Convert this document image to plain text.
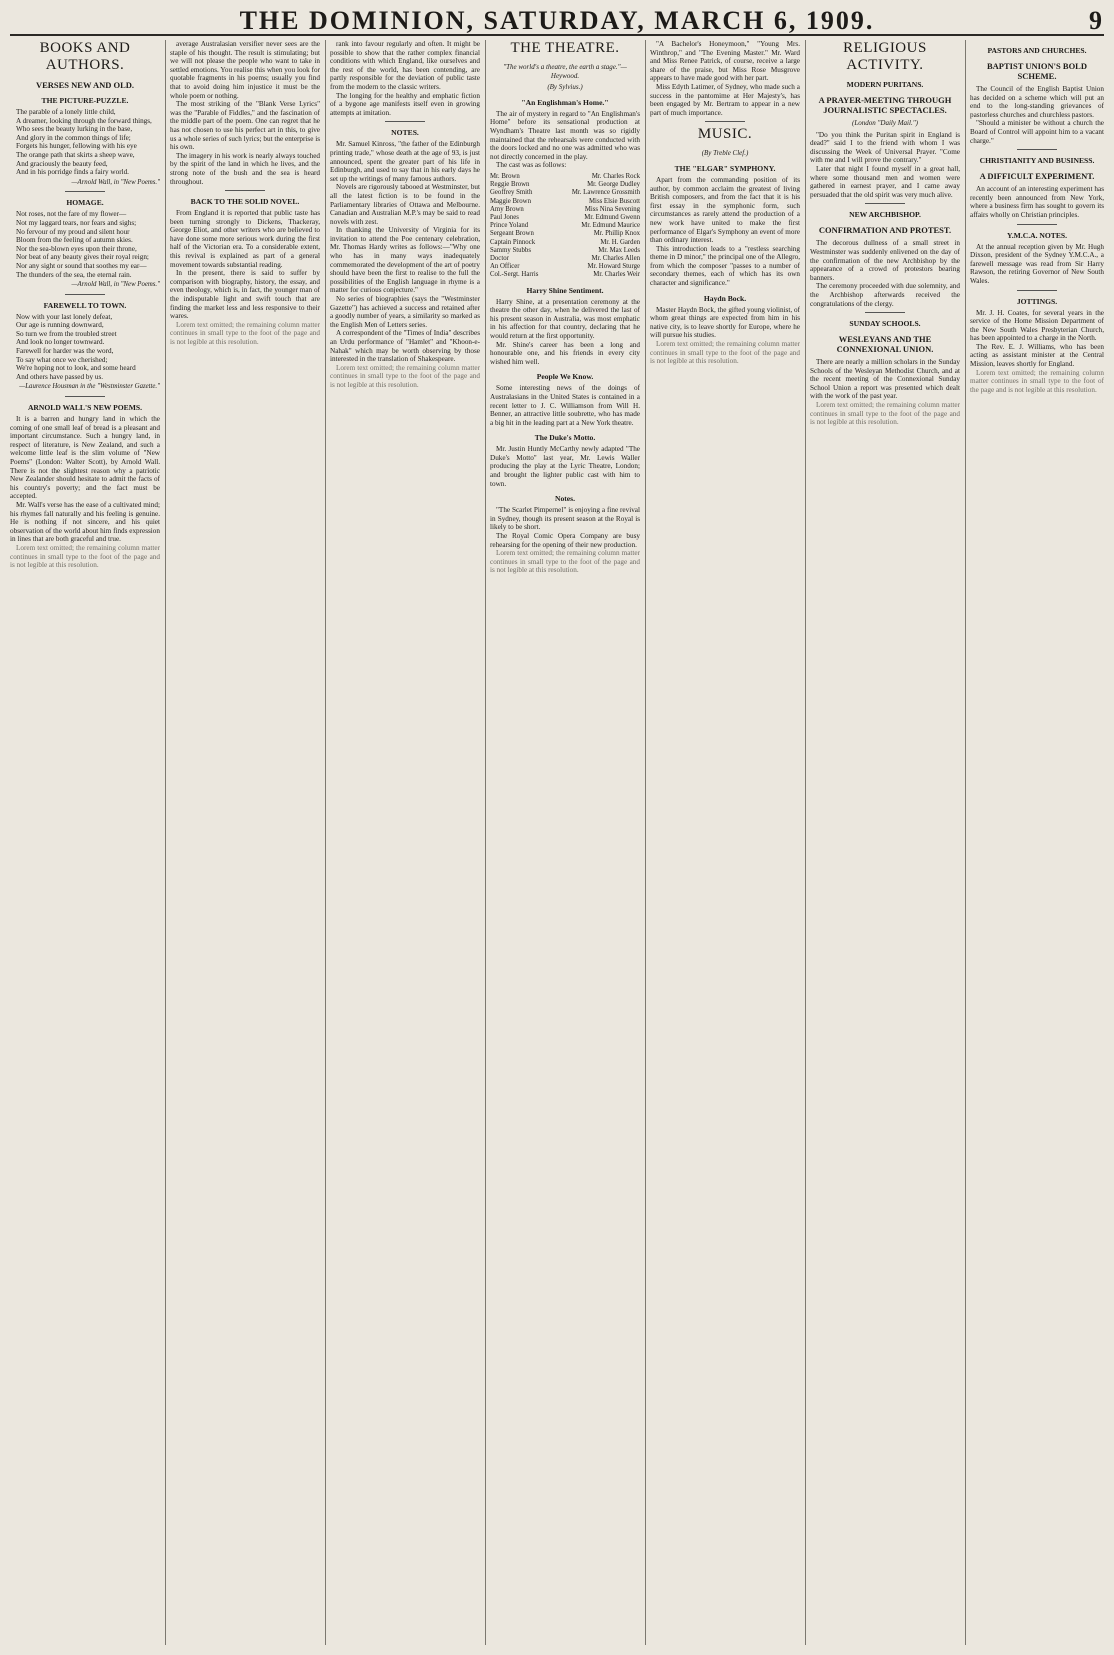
THE DOMINION, SATURDAY, MARCH 6, 1909.	9
BOOKS AND AUTHORS.
VERSES NEW AND OLD.
THE PICTURE-PUZZLE.
The parable of a lonely little child,
A dreamer, looking through the forward things,
Who sees the beauty lurking in the base,
And glory in the common things of life;
Forgets his hunger, fellowing with his eye
The orange path that skirts a sheep wave,
And graciously the beauty feed,
And in his porridge finds a fairy world.
—Arnold Wall, in "New Poems."
HOMAGE.
Not roses, not the fare of my flower—
Not my laggard tears, nor fears and sighs;
No fervour of my proud and silent hour
Bloom from the feeling of autumn skies.
Nor the sea-blown eyes upon their throne,
Nor beat of any beauty gives their royal reign;
Nor any sight or sound that soothes my ear—
The thunders of the sea, the eternal rain.
—Arnold Wall, in "New Poems."
FAREWELL TO TOWN.
Now with your last lonely defeat,
Our age is running downward,
So turn we from the troubled street
And look no longer townward.
Farewell for harder was the word,
To say what once we cherished;
We're hoping not to look, and some heard
And others have passed by us.
—Laurence Housman in the "Westminster Gazette."
ARNOLD WALL'S NEW POEMS.

It is a barren and hungry land in which the coming of one small leaf of bread is a pleasant and important circumstance. Such a hungry land, in respect of literature, is New Zealand, and such a welcome little leaf is the slim volume of "New Poems" (London: Walter Scott), by Arnold Wall. There is not the slightest reason why a patriotic New Zealander should hesitate to admit the facts of his country's poverty; and the fact must be accepted.

Mr. Wall's verse has the ease of a cultivated mind; his rhymes fall naturally and his feeling is genuine. He is nothing if not sincere, and his quiet observation of the world about him finds expression in lines that are both graceful and true.

Lorem text omitted; the remaining column matter continues in small type to the foot of the page and is not legible at this resolution.

average Australasian versifier never sees are the staple of his thought. The result is stimulating; but we will not please the people who want to take in settled emotions. You realise this when you look for quotable fragments in his poems; usually you find that to avoid doing him injustice it must be the whole poem or nothing.

The most striking of the "Blank Verse Lyrics" was the "Parable of Fiddles," and the fascination of the middle part of the poem. One can regret that he has not chosen to use his perfect art in this, to give us a whole series of such lyrics; but the enterprise is his own.

The imagery in his work is nearly always touched by the spirit of the land in which he lives, and the strong note of the bush and the sea is heard throughout.

BACK TO THE SOLID NOVEL.

From England it is reported that public taste has been turning strongly to Dickens, Thackeray, George Eliot, and other writers who are believed to have done some more serious work during the first half of the Victorian era. To a considerable extent, this revival is explained as part of a general movement towards substantial reading.

In the present, there is said to suffer by comparison with biography, history, the essay, and even theology, which is, in fact, the younger man of the indisputable light and swift touch that are finding the market less and less responsive to their wares.

Lorem text omitted; the remaining column matter continues in small type to the foot of the page and is not legible at this resolution.

rank into favour regularly and often. It might be possible to show that the rather complex financial conditions with which England, like ourselves and the rest of the world, has been contending, are partly responsible for the deviation of public taste from the modern to the classic writers.

The longing for the healthy and emphatic fiction of a bygone age manifests itself even in growing attempts at imitation.

NOTES.

Mr. Samuel Kinross, "the father of the Edinburgh printing trade," whose death at the age of 93, is just announced, spent the greater part of his life in Edinburgh, and used to say that in his early days he set up the writings of many famous authors.

Novels are rigorously tabooed at Westminster, but all the latest fiction is to be found in the Parliamentary libraries of Ottawa and Melbourne. Canadian and Australian M.P.'s may be said to read novels with zest.

In thanking the University of Virginia for its invitation to attend the Poe centenary celebration, Mr. Thomas Hardy writes as follows:—"Why one who has in many ways inadequately commemorated the development of the art of poetry should have been the first to realise to the full the possibilities of the English language in rhyme is a matter for curious conjecture."

No series of biographies (says the "Westminster Gazette") has achieved a success and retained after a goodly number of years, a similarity so marked as the English Men of Letters series.

A correspondent of the "Times of India" describes an Urdu performance of "Hamlet" and "Khoon-e-Nahak" which may be worth observing by those interested in the translation of Shakespeare.

Lorem text omitted; the remaining column matter continues in small type to the foot of the page and is not legible at this resolution.

THE THEATRE.
"The world's a theatre, the earth a stage."—Heywood.
(By Sylvius.)
"An Englishman's Home."

The air of mystery in regard to "An Englishman's Home" before its sensational production at Wyndham's Theatre last month was so rigidly maintained that the rehearsals were conducted with the doors locked and no one was admitted who was not directly concerned in the play.

The cast was as follows:

Mr. Brown	Mr. Charles Rock
Reggie Brown	Mr. George Dudley
Geoffrey Smith	Mr. Lawrence Grossmith
Maggie Brown	Miss Elsie Buscott
Amy Brown	Miss Nina Sevening
Paul Jones	Mr. Edmund Gwenn
Prince Yoland	Mr. Edmund Maurice
Sergeant Brown	Mr. Phillip Knox
Captain Pinnock	Mr. H. Garden
Sammy Stubbs	Mr. Max Leeds
Doctor	Mr. Charles Allen
An Officer	Mr. Howard Sturge
Col.-Sergt. Harris	Mr. Charles Weir
Harry Shine Sentiment.

Harry Shine, at a presentation ceremony at the theatre the other day, when he delivered the last of his present season in Australia, was most emphatic in his affection for that country, declaring that he would return at the first opportunity.

Mr. Shine's career has been a long and honourable one, and his friends in every city wished him well.

People We Know.

Some interesting news of the doings of Australasians in the United States is contained in a recent letter to J. C. Williamson from Will H. Benner, an attractive little soubrette, who has made a big hit in the leading part at a New York theatre.

The Duke's Motto.

Mr. Justin Huntly McCarthy newly adapted "The Duke's Motto" last year, Mr. Lewis Waller producing the play at the Lyric Theatre, London; and brought the lighter public cast with him to town.

Notes.

"The Scarlet Pimpernel" is enjoying a fine revival in Sydney, though its present season at the Royal is likely to be short.

The Royal Comic Opera Company are busy rehearsing for the opening of their new production.

Lorem text omitted; the remaining column matter continues in small type to the foot of the page and is not legible at this resolution.

"A Bachelor's Honeymoon," "Young Mrs. Winthrop," and "The Evening Master." Mr. Ward and Miss Renee Patrick, of course, receive a large share of the praise, but Miss Rose Musgrove appears to have made good with her part.

Miss Edyth Latimer, of Sydney, who made such a success in the pantomime at Her Majesty's, has been engaged by Mr. Bertram to appear in a new part of much importance.

MUSIC.
(By Treble Clef.)
THE "ELGAR" SYMPHONY.

Apart from the commanding position of its author, by common acclaim the greatest of living British composers, and from the fact that it is his first essay in the symphonic form, such circumstances as rarely attend the production of a new work have united to make the first performance of Elgar's Symphony an event of more than ordinary interest.

This introduction leads to a "restless searching theme in D minor," the principal one of the Allegro, from which the composer "passes to a number of secondary themes, each of which has its own character and significance."

Haydn Bock.

Master Haydn Bock, the gifted young violinist, of whom great things are expected from him in his native city, is to leave shortly for Europe, where he will pursue his studies.

Lorem text omitted; the remaining column matter continues in small type to the foot of the page and is not legible at this resolution.

RELIGIOUS ACTIVITY.
MODERN PURITANS.
A PRAYER-MEETING THROUGH JOURNALISTIC SPECTACLES.
(London "Daily Mail.")

"Do you think the Puritan spirit in England is dead?" said I to the friend with whom I was discussing the Week of Universal Prayer. "Come with me and I will prove the contrary."

Later that night I found myself in a great hall, where some thousand men and women were gathered in earnest prayer, and I came away persuaded that the old spirit was very much alive.

NEW ARCHBISHOP.
CONFIRMATION AND PROTEST.

The decorous dullness of a small street in Westminster was suddenly enlivened on the day of the confirmation of the new Archbishop by the appearance of a crowd of protestors bearing banners.

The ceremony proceeded with due solemnity, and the Archbishop afterwards received the congratulations of the clergy.

SUNDAY SCHOOLS.
WESLEYANS AND THE CONNEXIONAL UNION.

There are nearly a million scholars in the Sunday Schools of the Wesleyan Methodist Church, and at the recent meeting of the Connexional Sunday School Union a report was presented which dealt with the work of the past year.

Lorem text omitted; the remaining column matter continues in small type to the foot of the page and is not legible at this resolution.

PASTORS AND CHURCHES.
BAPTIST UNION'S BOLD SCHEME.

The Council of the English Baptist Union has decided on a scheme which will put an end to the long-standing grievances of pastorless churches and churchless pastors.

"Should a minister be without a church the Board of Control will appoint him to a vacant charge."

CHRISTIANITY AND BUSINESS.
A DIFFICULT EXPERIMENT.

An account of an interesting experiment has recently been announced from New York, where a business firm has sought to govern its affairs wholly on Christian principles.

Y.M.C.A. NOTES.

At the annual reception given by Mr. Hugh Dixson, president of the Sydney Y.M.C.A., a farewell message was read from Sir Harry Rawson, the retiring Governor of New South Wales.

JOTTINGS.

Mr. J. H. Coates, for several years in the service of the Home Mission Department of the New South Wales Presbyterian Church, has been appointed to a charge in the North.

The Rev. E. J. Williams, who has been acting as assistant minister at the Central Mission, leaves shortly for England.

Lorem text omitted; the remaining column matter continues in small type to the foot of the page and is not legible at this resolution.
